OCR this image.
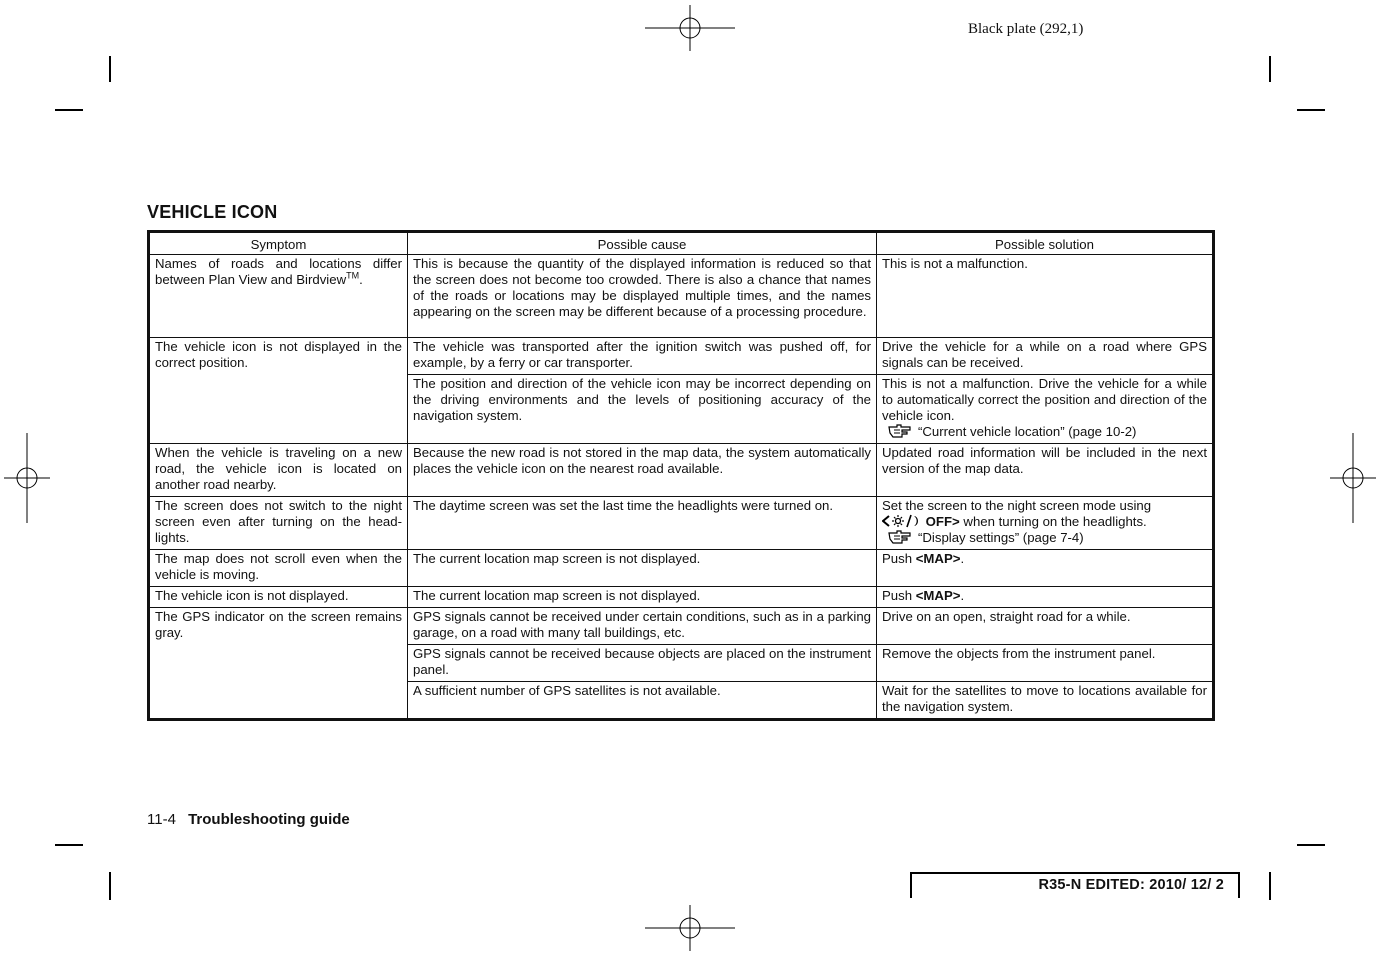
Black plate (292,1)
VEHICLE ICON
Symptom	Possible cause	Possible solution
Names of roads and locations differ between Plan View and Birdview™.	This is because the quantity of the displayed information is reduced so that the screen does not become too crowded. There is also a chance that names of the roads or locations may be displayed multiple times, and the names appearing on the screen may be different because of a processing procedure.	This is not a malfunction.
The vehicle icon is not displayed in the correct position.	The vehicle was transported after the ignition switch was pushed off, for example, by a ferry or car transporter.	Drive the vehicle for a while on a road where GPS signals can be received.
	The position and direction of the vehicle icon may be incorrect depending on the driving environments and the levels of positioning accuracy of the navigation system.	This is not a malfunction. Drive the vehicle for a while to automatically correct the position and direction of the vehicle icon.
“Current vehicle location” (page 10-2)
When the vehicle is traveling on a new road, the vehicle icon is located on another road nearby.	Because the new road is not stored in the map data, the system automatically places the vehicle icon on the nearest road available.	Updated road information will be included in the next version of the map data.
The screen does not switch to the night screen even after turning on the head-lights.	The daytime screen was set the last time the headlights were turned on.	Set the screen to the night screen mode using
OFF> when turning on the headlights.
“Display settings” (page 7-4)
The map does not scroll even when the vehicle is moving.	The current location map screen is not displayed.	Push <MAP>.
The vehicle icon is not displayed.	The current location map screen is not displayed.	Push <MAP>.
The GPS indicator on the screen remains gray.	GPS signals cannot be received under certain conditions, such as in a parking garage, on a road with many tall buildings, etc.	Drive on an open, straight road for a while.
	GPS signals cannot be received because objects are placed on the instrument panel.	Remove the objects from the instrument panel.
	A sufficient number of GPS satellites is not available.	Wait for the satellites to move to locations available for the navigation system.
11-4 Troubleshooting guide
R35-N EDITED: 2010/ 12/ 2
